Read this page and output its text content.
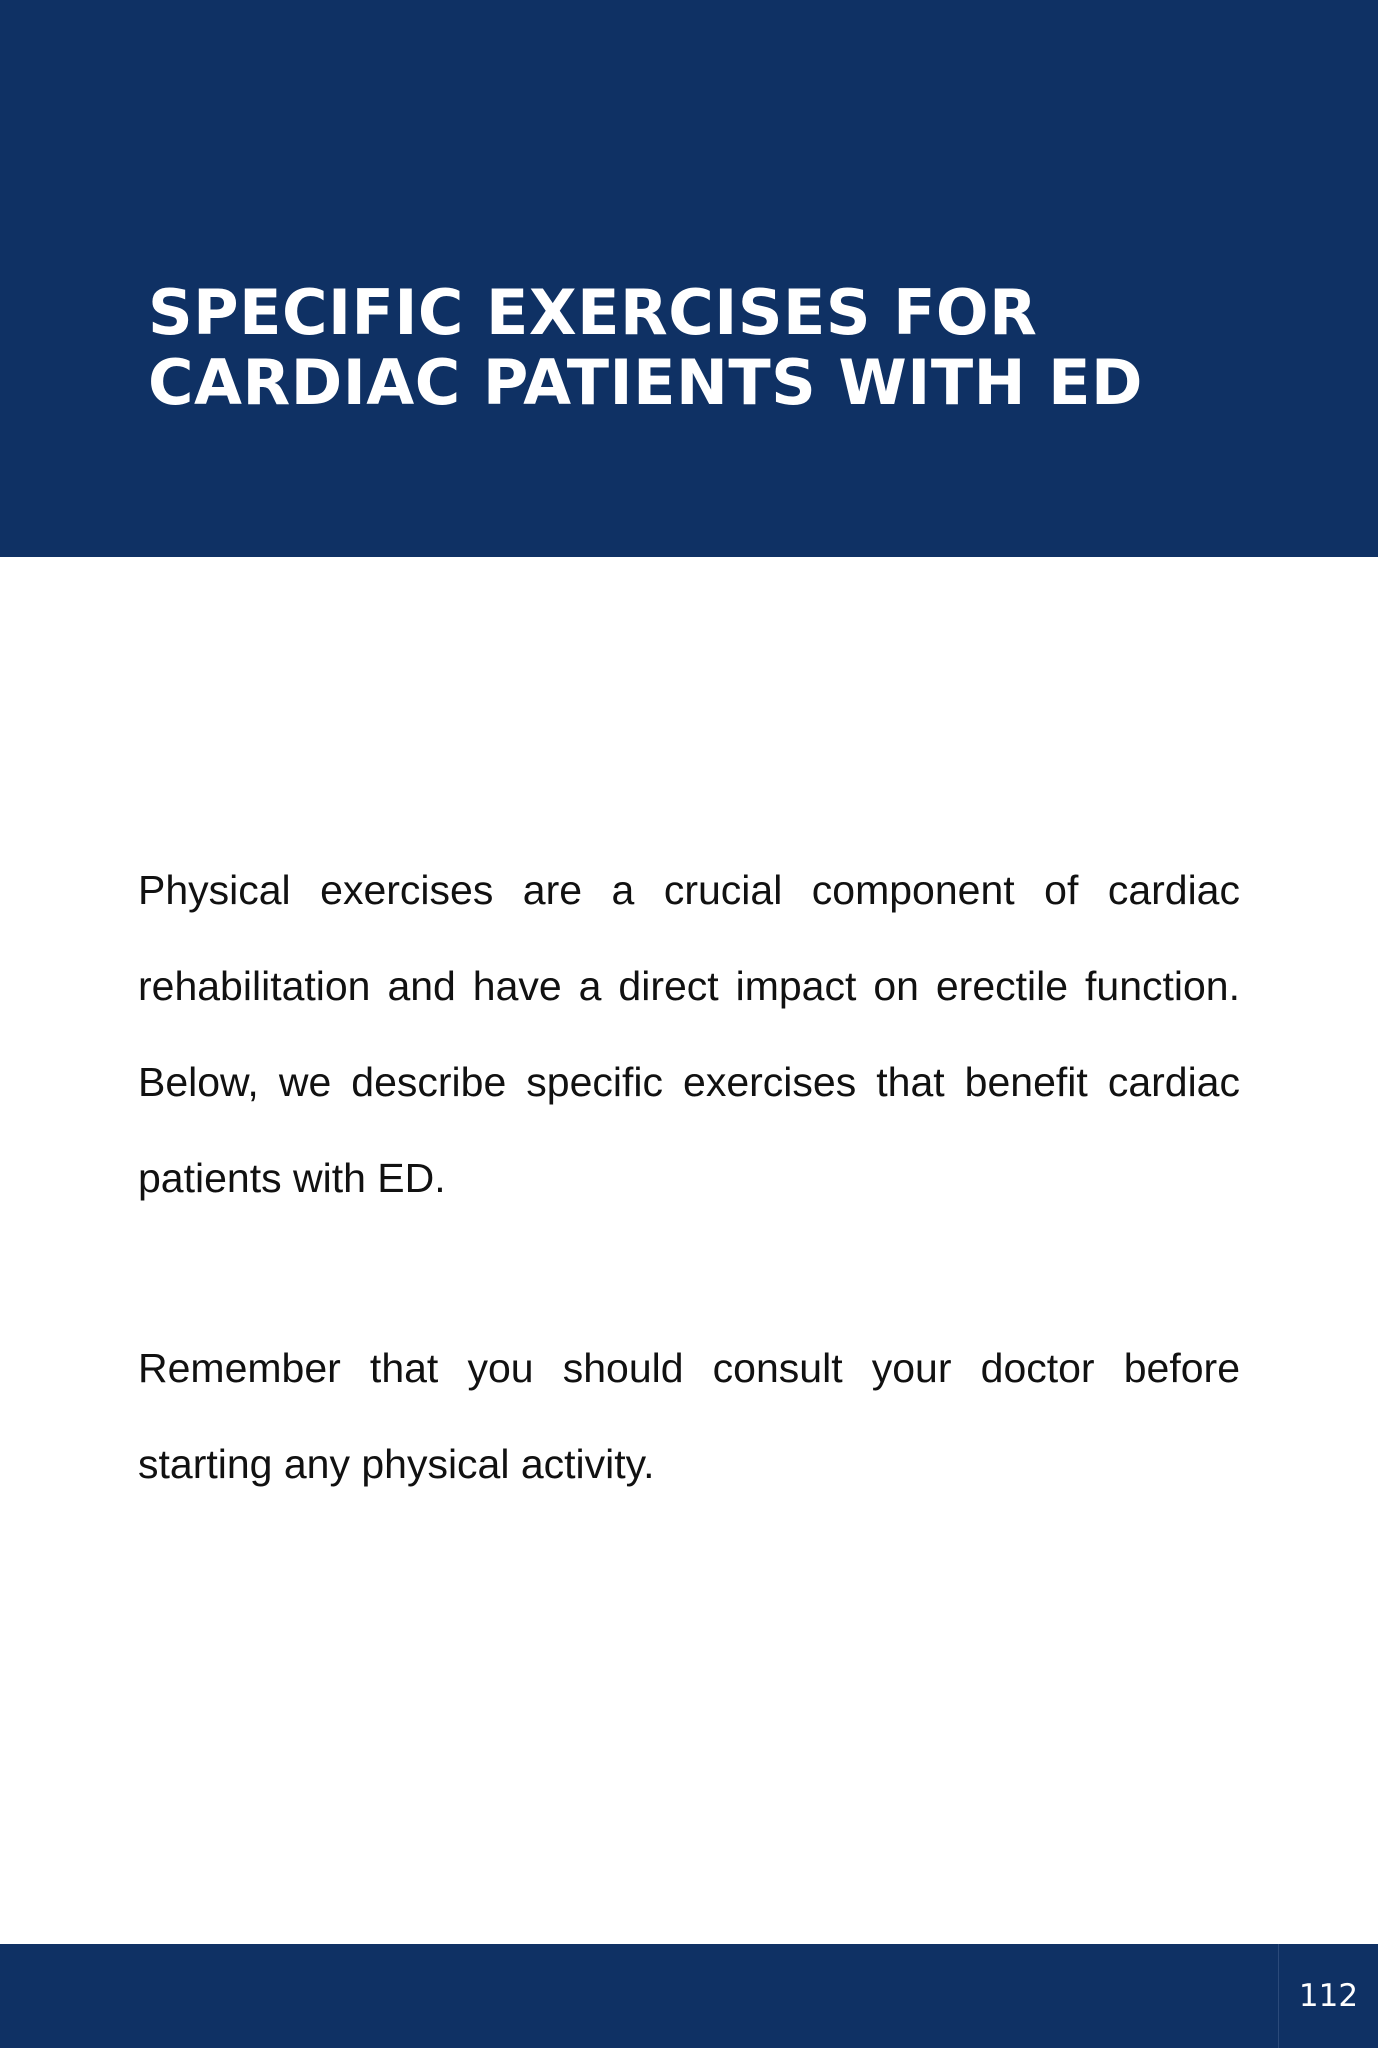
SPECIFIC EXERCISES FOR
CARDIAC PATIENTS WITH ED

Physical exercises are a crucial component of cardiac rehabilitation and have a direct impact on erectile function. Below, we describe specific exercises that benefit cardiac patients with ED.

Remember that you should consult your doctor before starting any physical activity.

112
